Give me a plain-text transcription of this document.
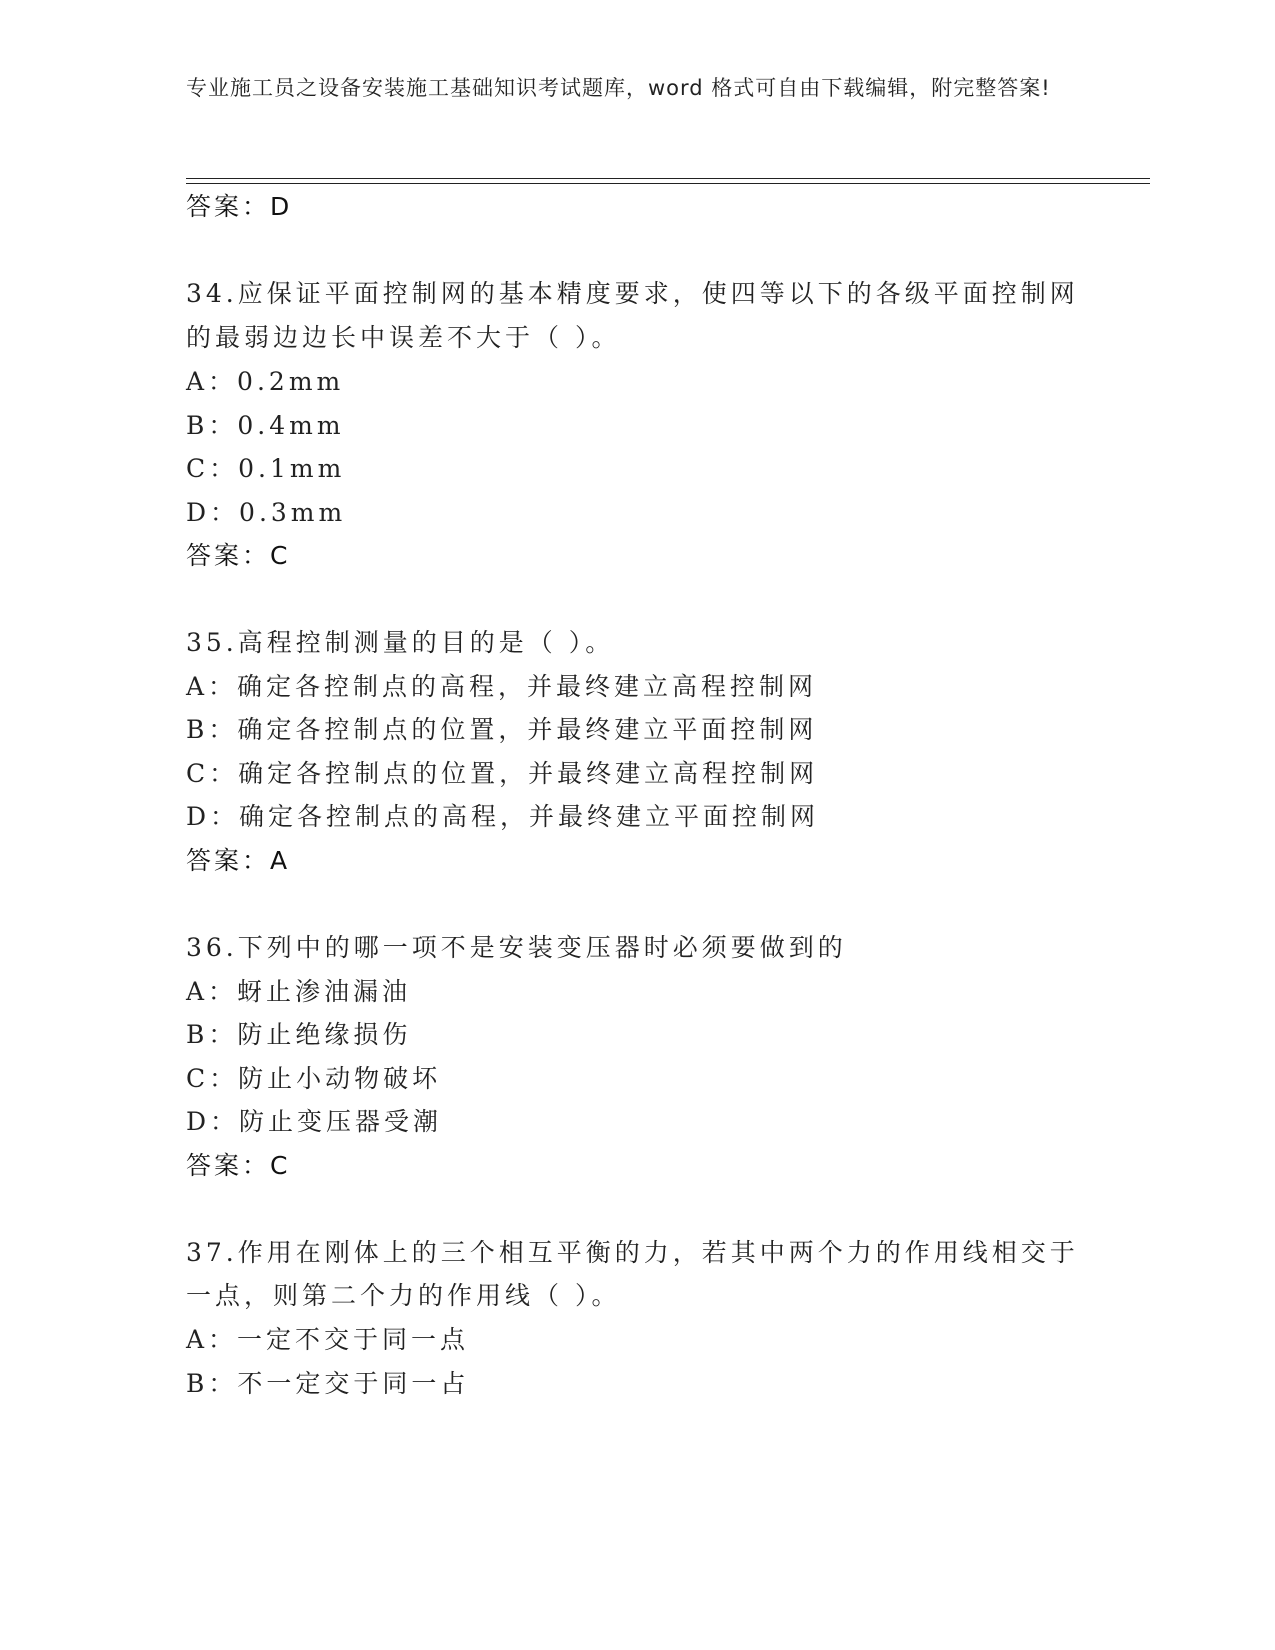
专业施工员之设备安装施工基础知识考试题库，word 格式可自由下载编辑，附完整答案!
答案：D
34.应保证平面控制网的基本精度要求，使四等以下的各级平面控制网
的最弱边边长中误差不大于（ ）。
A：0.2mm
B：0.4mm
C：0.1mm
D：0.3mm
答案：C
35.高程控制测量的目的是（ ）。
A：确定各控制点的高程，并最终建立高程控制网
B：确定各控制点的位置，并最终建立平面控制网
C：确定各控制点的位置，并最终建立高程控制网
D：确定各控制点的高程，并最终建立平面控制网
答案：A
36.下列中的哪一项不是安装变压器时必须要做到的
A：蚜止渗油漏油
B：防止绝缘损伤
C：防止小动物破坏
D：防止变压器受潮
答案：C
37.作用在刚体上的三个相互平衡的力，若其中两个力的作用线相交于
一点，则第二个力的作用线（ ）。
A：一定不交于同一点
B：不一定交于同一占
